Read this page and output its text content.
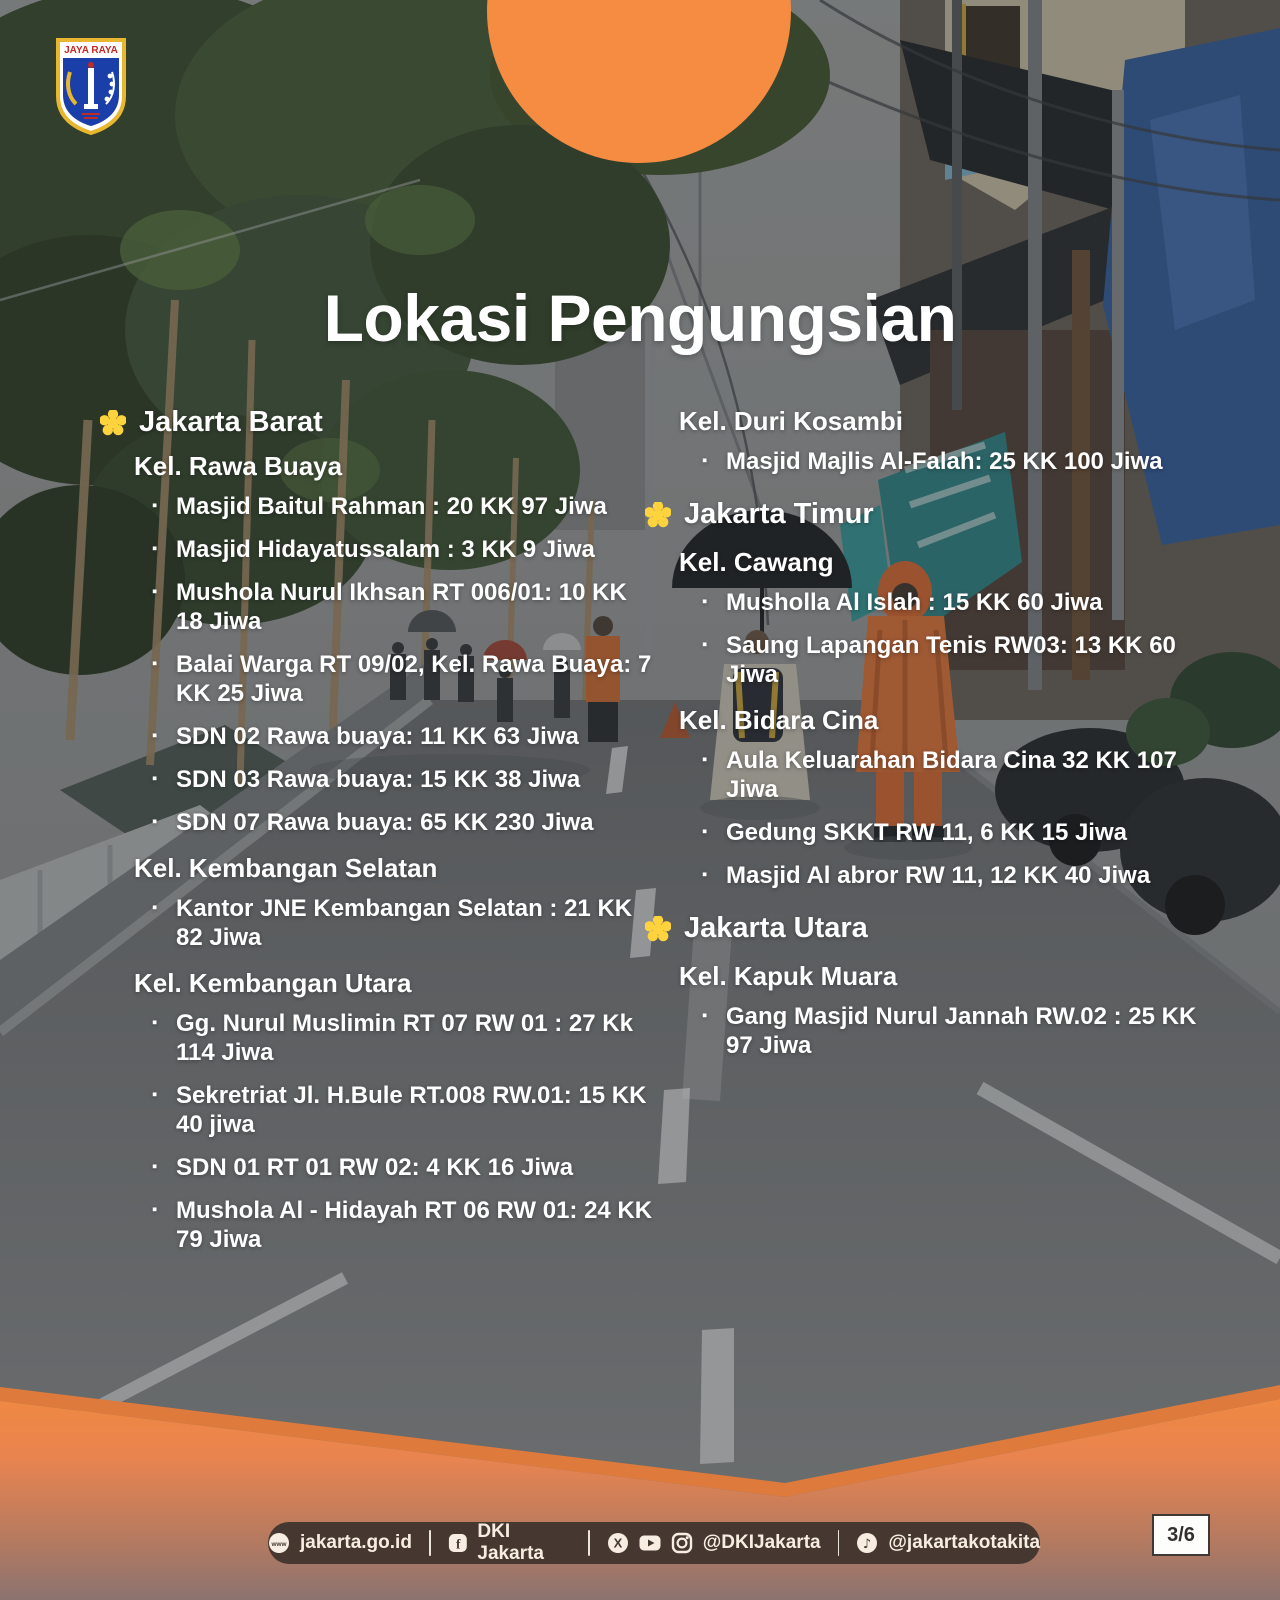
JAYA RAYA
Lokasi Pengungsian
Jakarta Barat
Kel. Rawa Buaya
▪ Masjid Baitul Rahman : 20 KK 97 Jiwa
▪ Masjid Hidayatussalam : 3 KK 9 Jiwa
▪ Mushola Nurul Ikhsan RT 006/01: 10 KK 18 Jiwa
▪ Balai Warga RT 09/02, Kel. Rawa Buaya: 7 KK 25 Jiwa
▪ SDN 02 Rawa buaya: 11 KK 63 Jiwa
▪ SDN 03 Rawa buaya: 15 KK 38 Jiwa
▪ SDN 07 Rawa buaya: 65 KK 230 Jiwa
Kel. Kembangan Selatan
▪ Kantor JNE Kembangan Selatan : 21 KK 82 Jiwa
Kel. Kembangan Utara
▪ Gg. Nurul Muslimin RT 07 RW 01 : 27 Kk 114 Jiwa
▪ Sekretriat Jl. H.Bule RT.008 RW.01: 15 KK 40 jiwa
▪ SDN 01 RT 01 RW 02: 4 KK 16 Jiwa
▪ Mushola Al - Hidayah RT 06 RW 01: 24 KK 79 Jiwa
Kel. Duri Kosambi
▪ Masjid Majlis Al-Falah: 25 KK 100 Jiwa
Jakarta Timur
Kel. Cawang
▪ Musholla Al Islah : 15 KK 60 Jiwa
▪ Saung Lapangan Tenis RW03: 13 KK 60 Jiwa
Kel. Bidara Cina
▪ Aula Keluarahan Bidara Cina 32 KK 107 Jiwa
▪ Gedung SKKT RW 11, 6 KK 15 Jiwa
▪ Masjid Al abror RW 11, 12 KK 40 Jiwa
Jakarta Utara
Kel. Kapuk Muara
▪ Gang Masjid Nurul Jannah RW.02 : 25 KK 97 Jiwa
www jakarta.go.id	f
DKI Jakarta	X	@DKIJakarta	♪ @jakartakotakita	3/6
